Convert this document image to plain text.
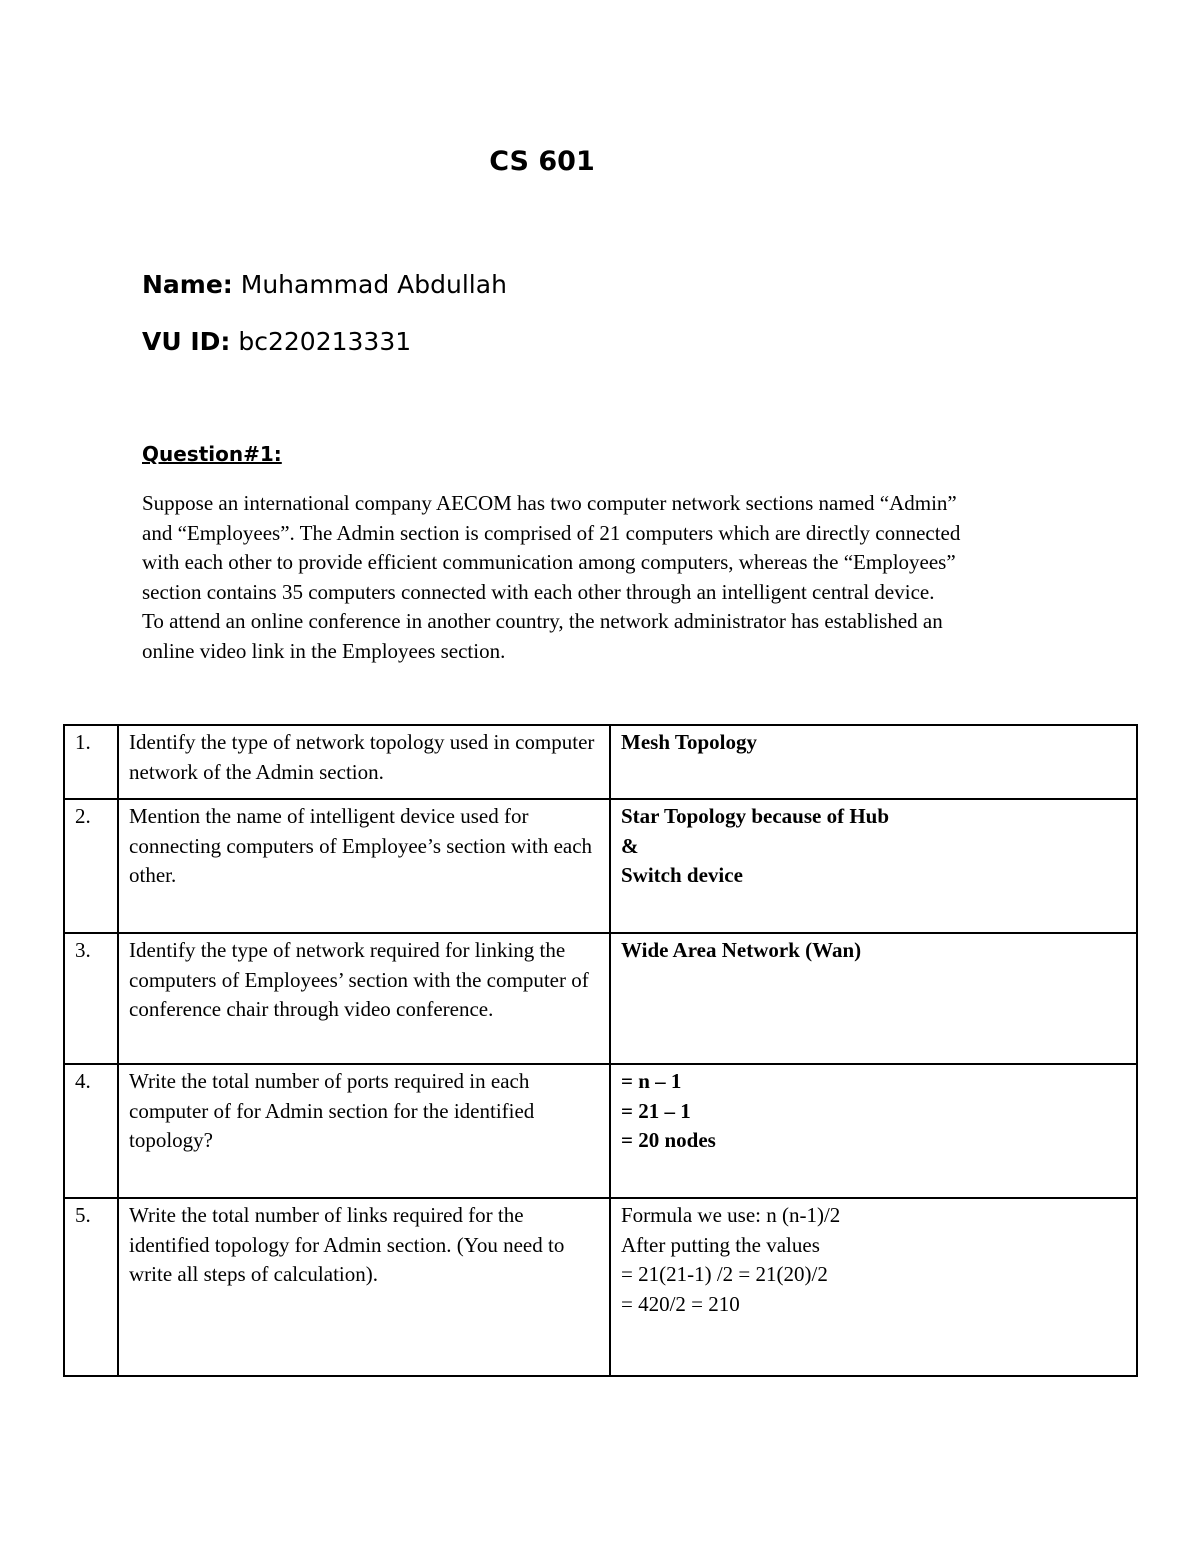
CS 601
Name: Muhammad Abdullah
VU ID: bc220213331
Question#1:
Suppose an international company AECOM has two computer network sections named “Admin”
and “Employees”. The Admin section is comprised of 21 computers which are directly connected
with each other to provide efficient communication among computers, whereas the “Employees”
section contains 35 computers connected with each other through an intelligent central device.
To attend an online conference in another country, the network administrator has established an
online video link in the Employees section.
1.	Identify the type of network topology used in computer network of the Admin section.	Mesh Topology

2.	Mention the name of intelligent device used for connecting computers of Employee’s section with each other.	Star Topology because of Hub
&
Switch device

3.	Identify the type of network required for linking the computers of Employees’ section with the computer of conference chair through video conference.	Wide Area Network (Wan)

4.	Write the total number of ports required in each computer of for Admin section for the identified topology?	= n – 1
= 21 – 1
= 20 nodes

5.	Write the total number of links required for the identified topology for Admin section. (You need to write all steps of calculation).	Formula we use: n (n-1)/2
After putting the values
= 21(21-1) /2 = 21(20)/2
= 420/2 = 210
